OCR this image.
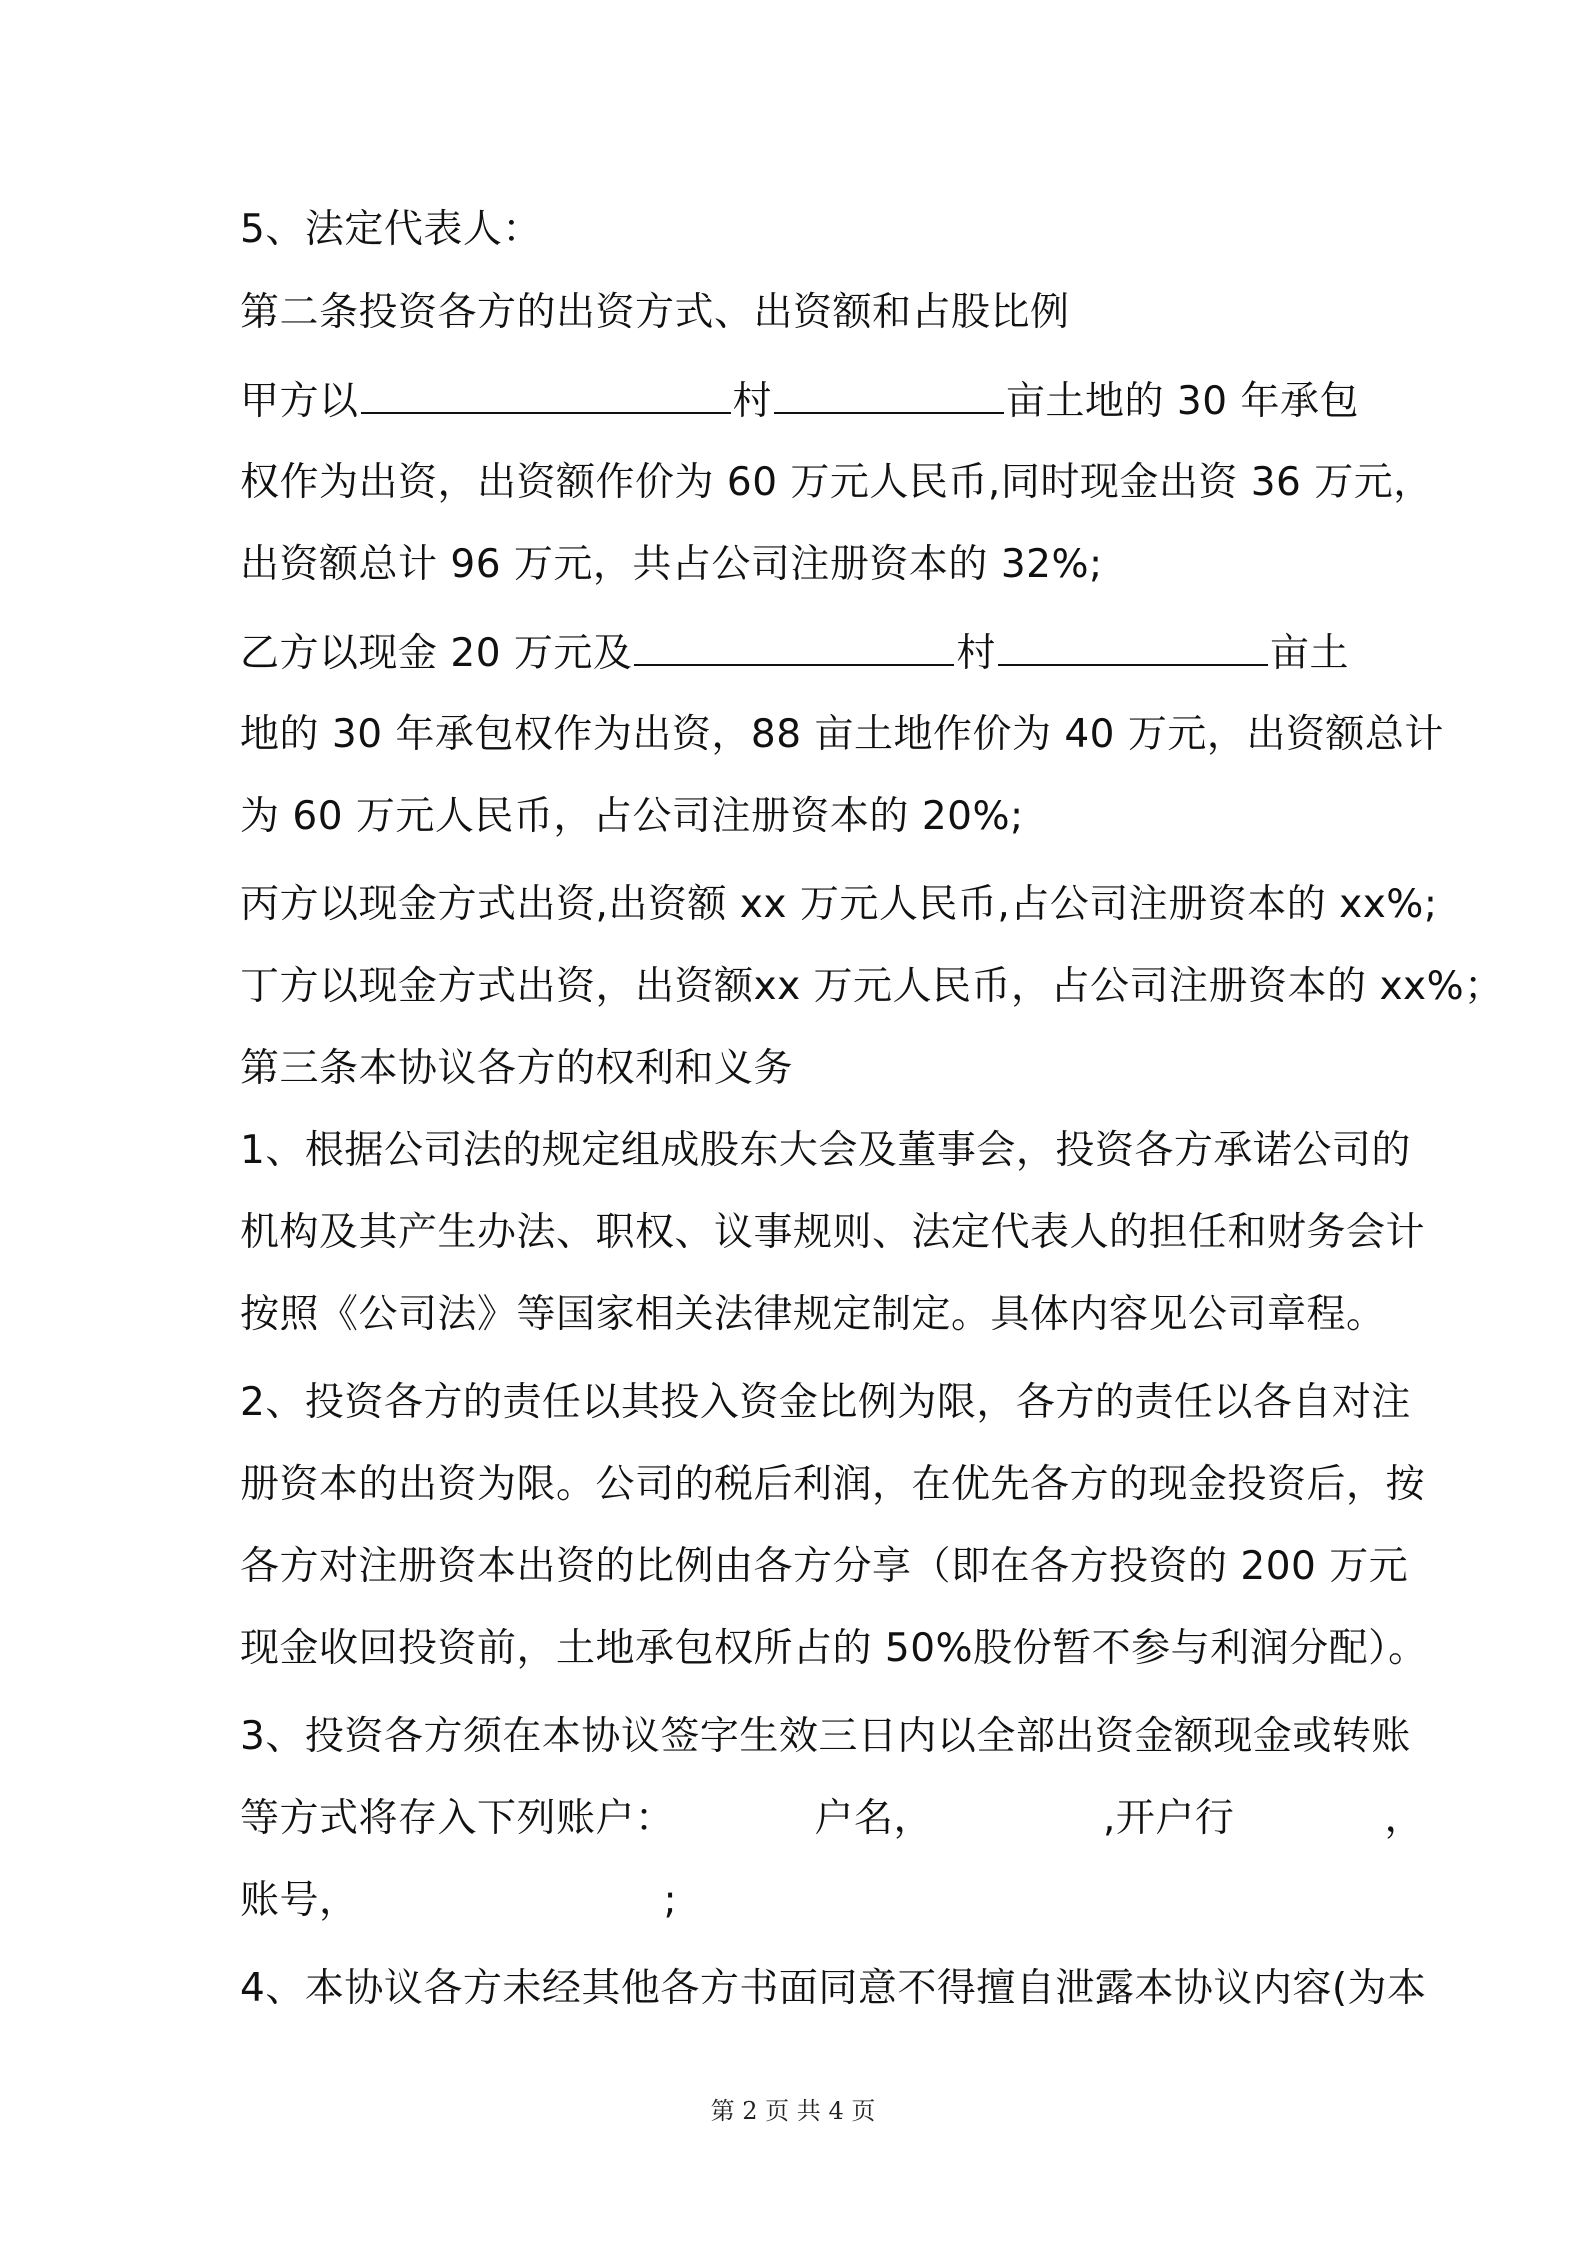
5、法定代表人：
第二条投资各方的出资方式、出资额和占股比例
甲方以	村	亩土地的 30 年承包
权作为出资，出资额作价为 60 万元人民币,同时现金出资 36 万元，
出资额总计 96 万元，共占公司注册资本的 32%;
乙方以现金 20 万元及	村	亩土
地的 30 年承包权作为出资，88 亩土地作价为 40 万元，出资额总计
为 60 万元人民币，占公司注册资本的 20%;
丙方以现金方式出资,出资额 xx 万元人民币,占公司注册资本的 xx%;
丁方以现金方式出资，出资额xx 万元人民币，占公司注册资本的 xx%；
第三条本协议各方的权利和义务
1、根据公司法的规定组成股东大会及董事会，投资各方承诺公司的
机构及其产生办法、职权、议事规则、法定代表人的担任和财务会计
按照《公司法》等国家相关法律规定制定。具体内容见公司章程。
2、投资各方的责任以其投入资金比例为限，各方的责任以各自对注
册资本的出资为限。公司的税后利润，在优先各方的现金投资后，按
各方对注册资本出资的比例由各方分享（即在各方投资的 200 万元
现金收回投资前，土地承包权所占的 50%股份暂不参与利润分配）。
3、投资各方须在本协议签字生效三日内以全部出资金额现金或转账
等方式将存入下列账户：	户名，	,开户行	，
账号，	;
4、本协议各方未经其他各方书面同意不得擅自泄露本协议内容(为本
第 2 页 共 4 页
